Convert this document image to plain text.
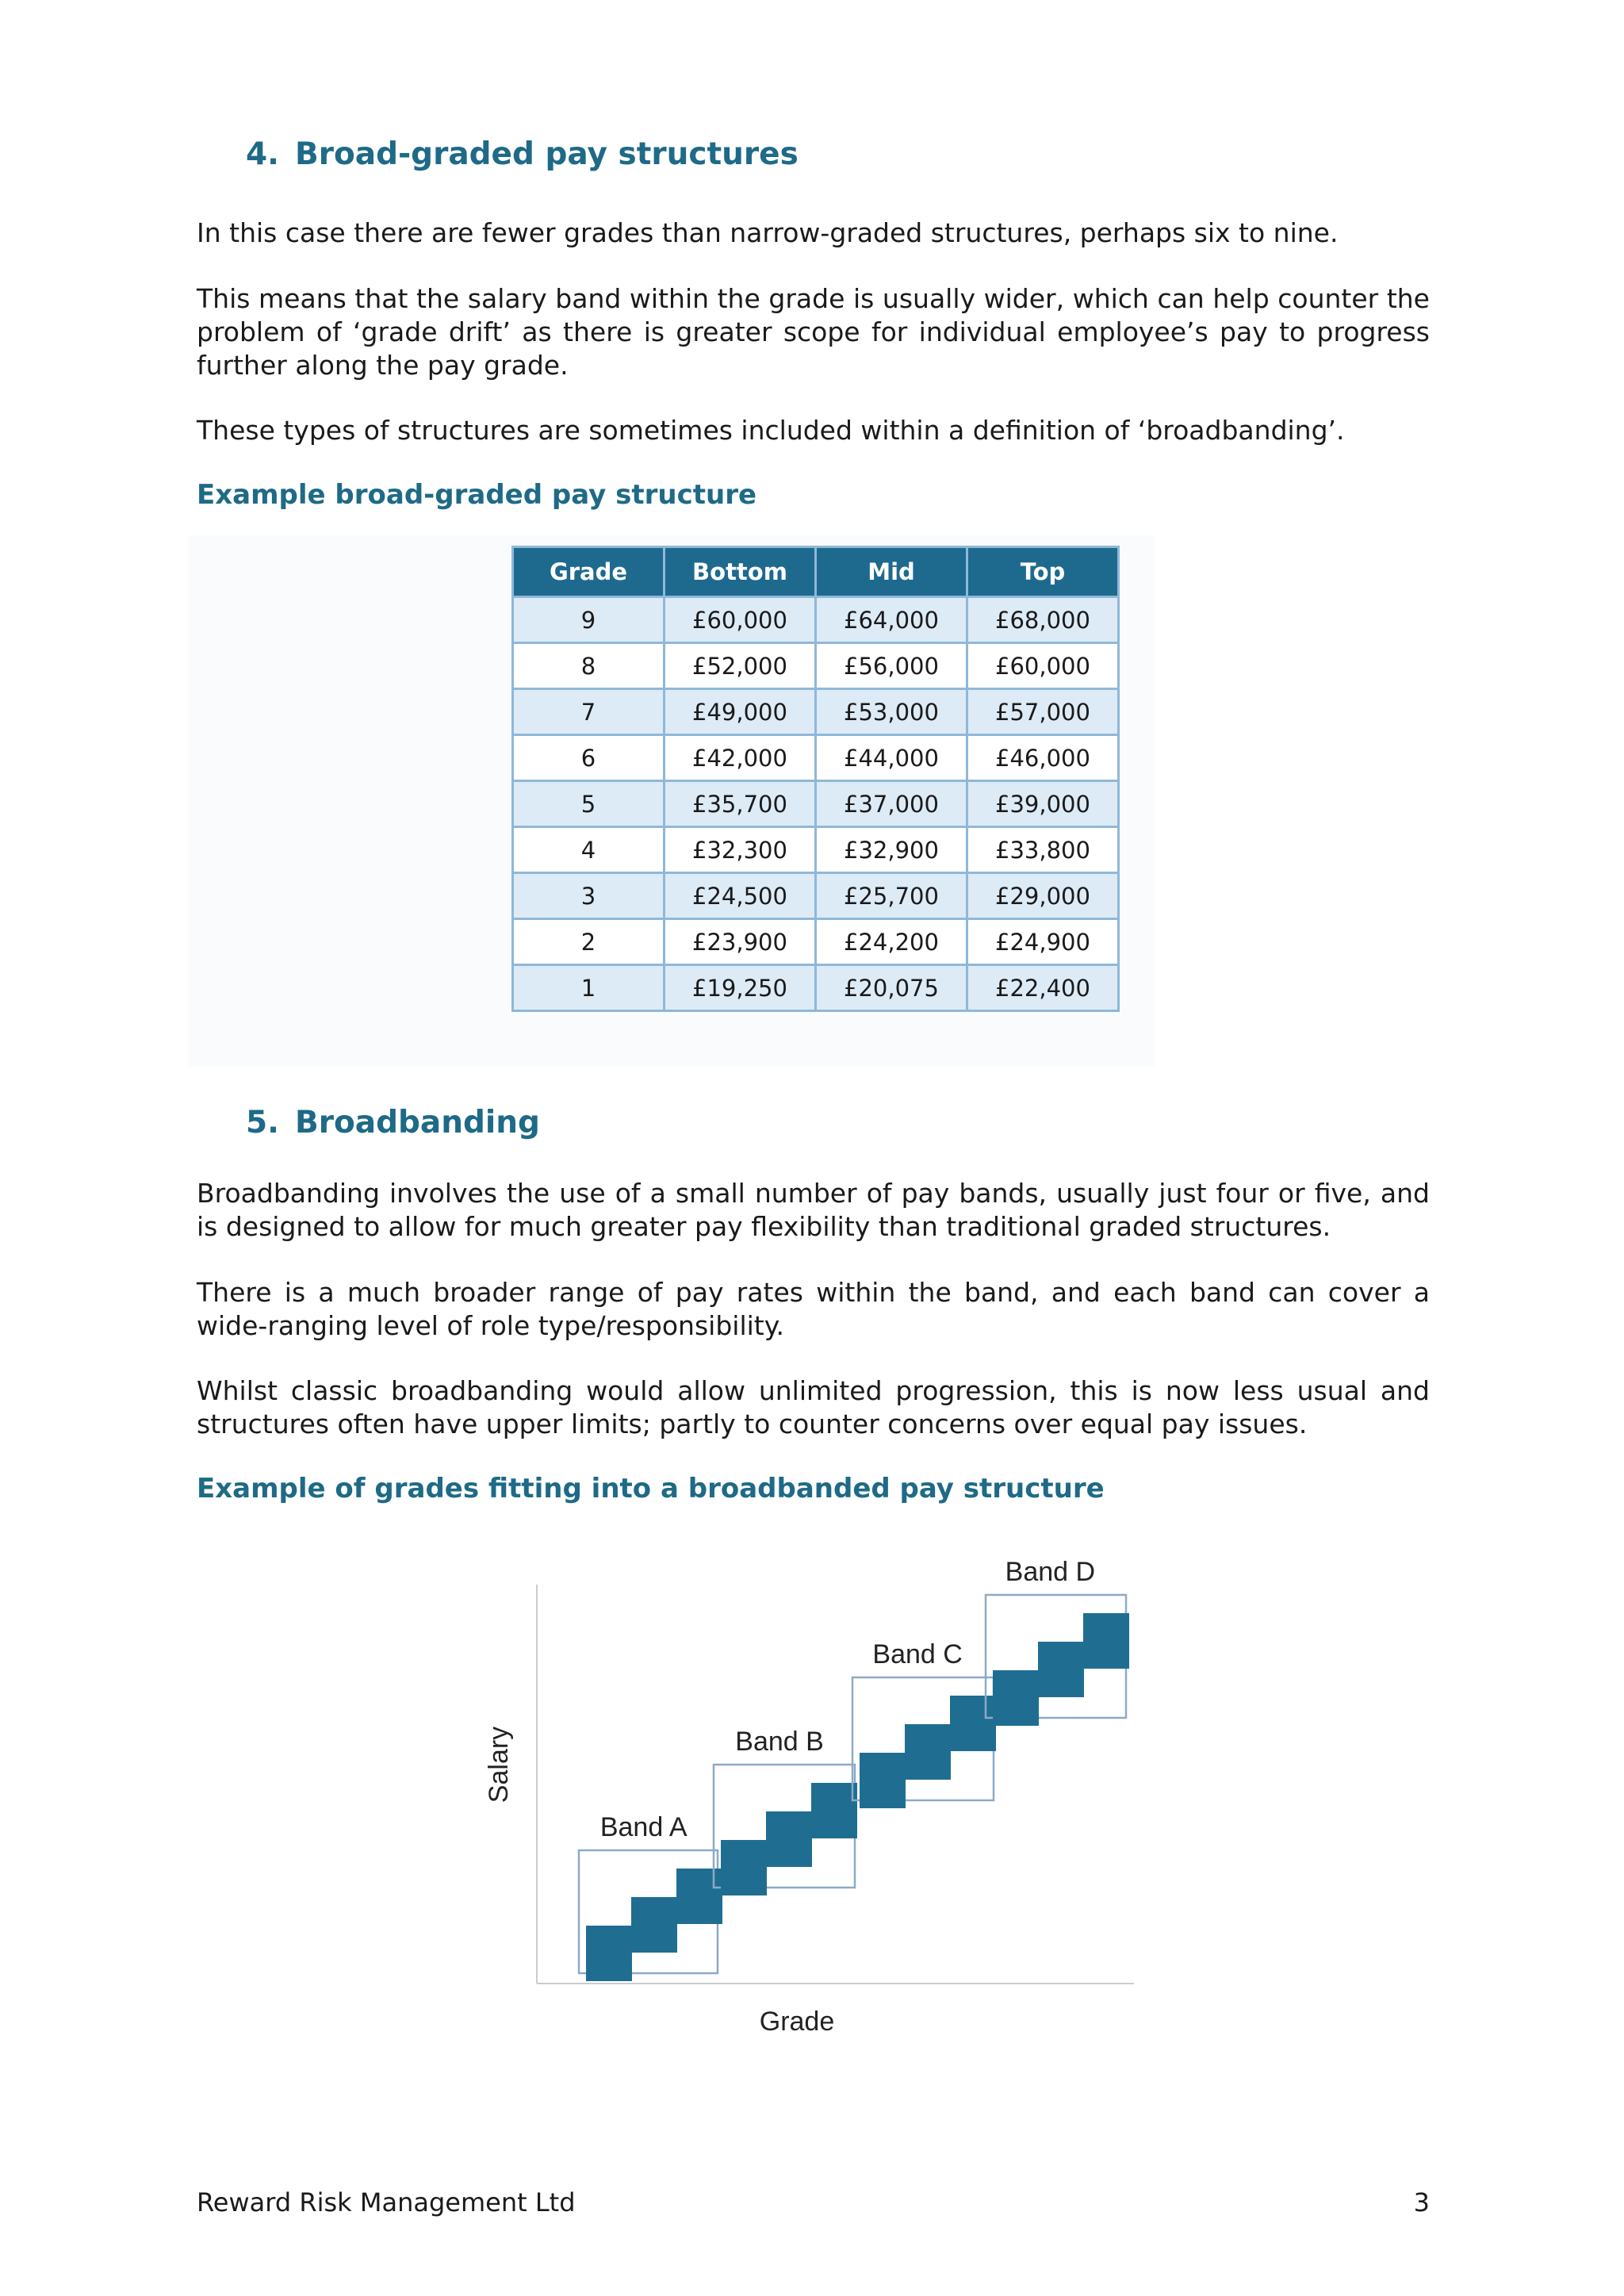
4. Broad-graded pay structures

In this case there are fewer grades than narrow-graded structures, perhaps six to nine.

This means that the salary band within the grade is usually wider, which can help counter the problem of ‘grade drift’ as there is greater scope for individual employee’s pay to progress further along the pay grade.

These types of structures are sometimes included within a definition of ‘broadbanding’.

Example broad-graded pay structure

Grade	Bottom	Mid	Top
9	£60,000	£64,000	£68,000
8	£52,000	£56,000	£60,000
7	£49,000	£53,000	£57,000
6	£42,000	£44,000	£46,000
5	£35,700	£37,000	£39,000
4	£32,300	£32,900	£33,800
3	£24,500	£25,700	£29,000
2	£23,900	£24,200	£24,900
1	£19,250	£20,075	£22,400
5. Broadbanding

Broadbanding involves the use of a small number of pay bands, usually just four or five, and is designed to allow for much greater pay flexibility than traditional graded structures.

There is a much broader range of pay rates within the band, and each band can cover a wide-ranging level of role type/responsibility.

Whilst classic broadbanding would allow unlimited progression, this is now less usual and structures often have upper limits; partly to counter concerns over equal pay issues.

Example of grades fitting into a broadbanded pay structure

Salary
Grade
Band A
Band B
Band C
Band D

Reward Risk Management Ltd	3
